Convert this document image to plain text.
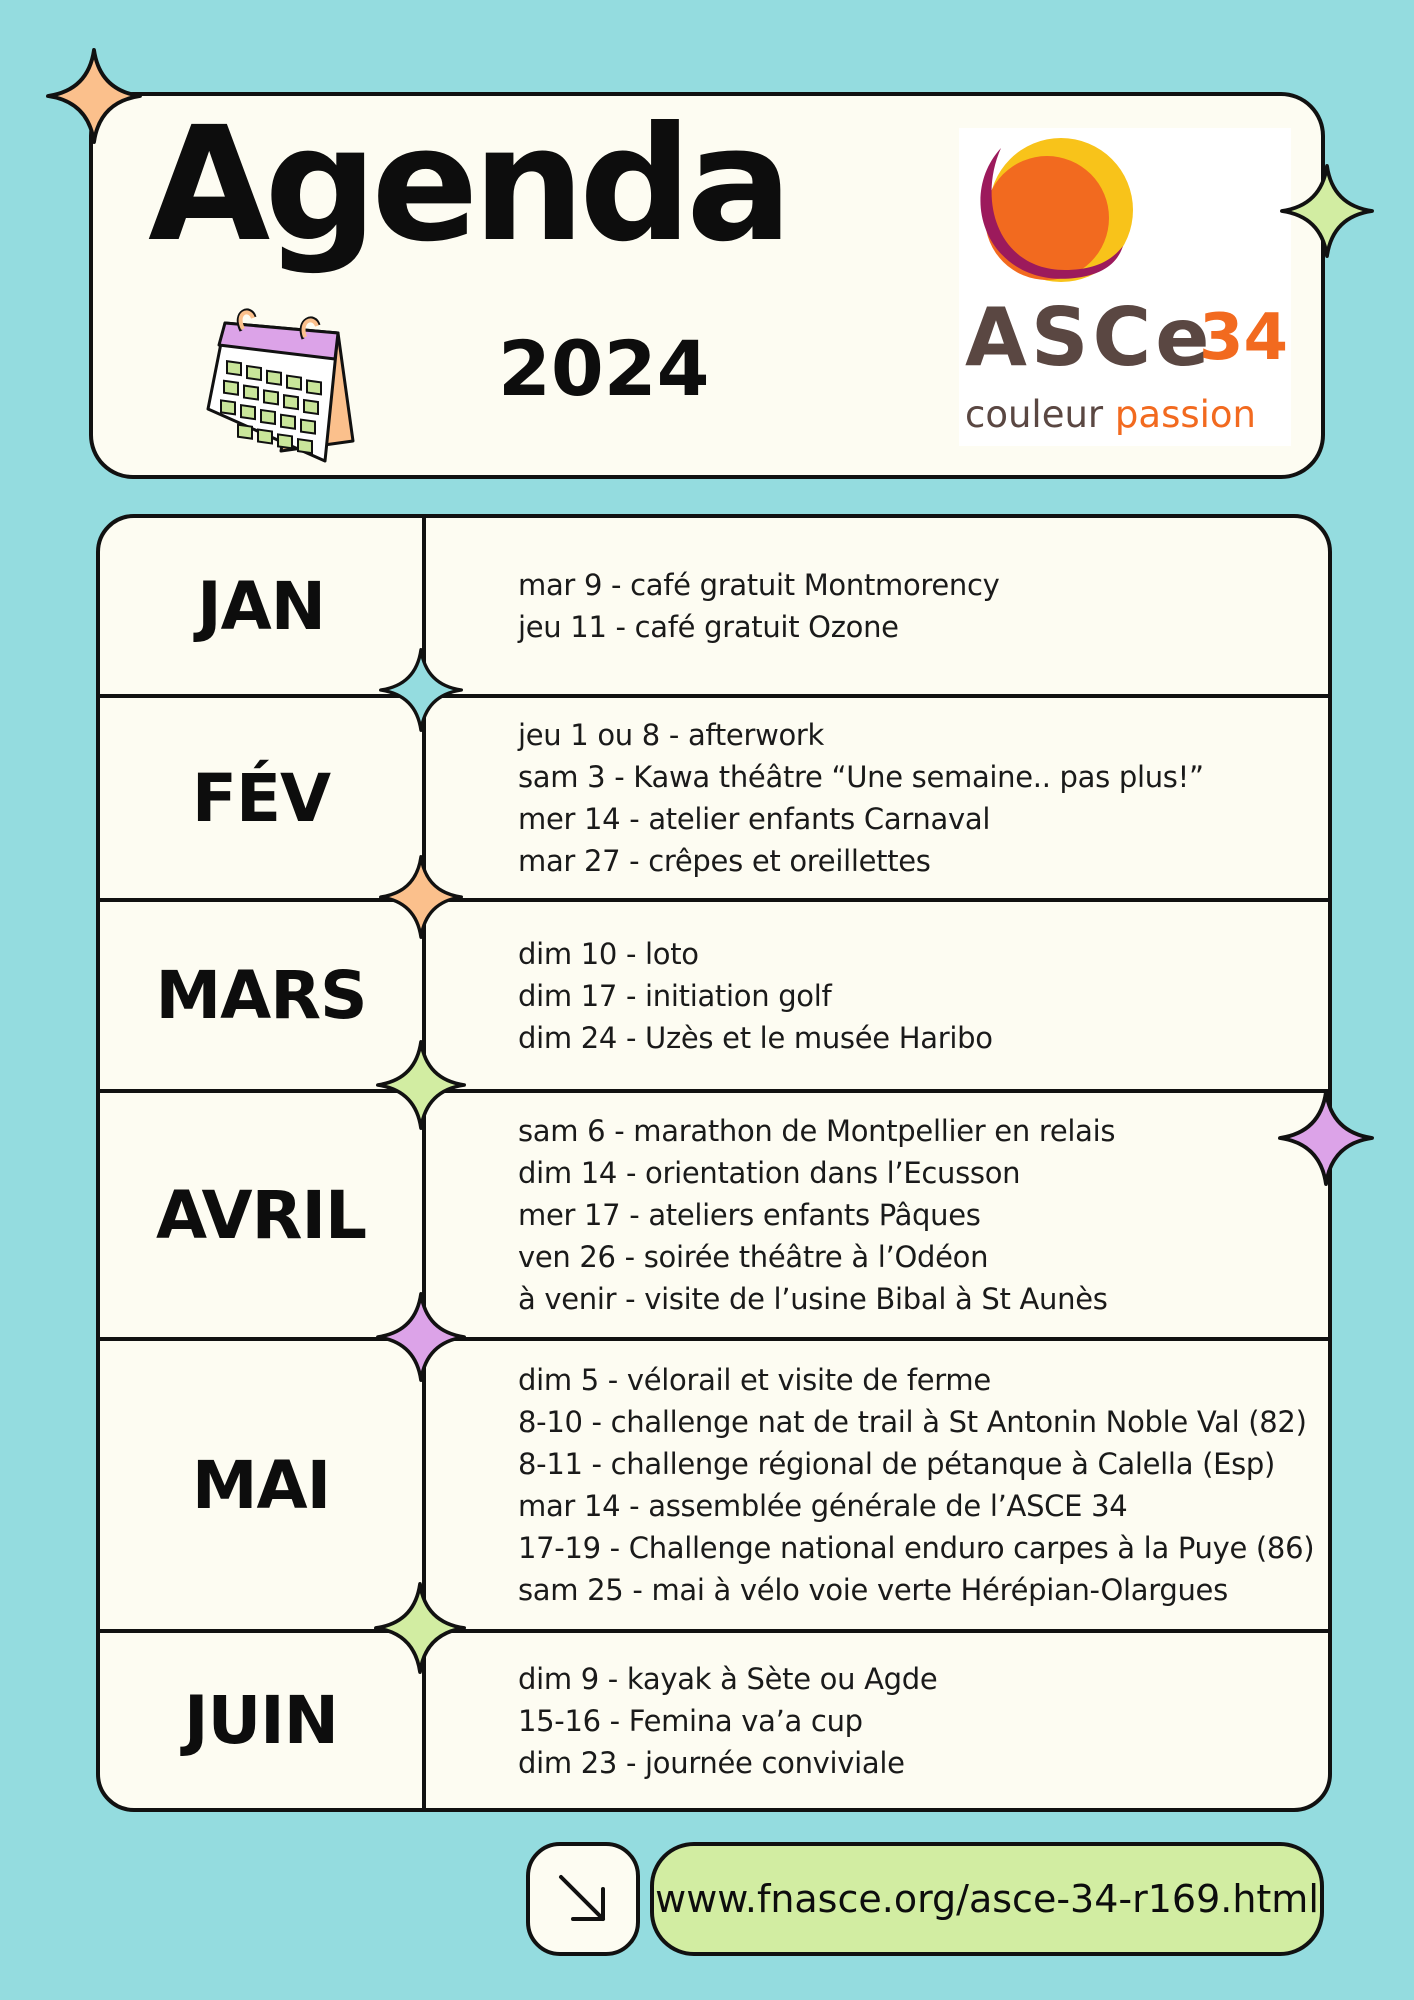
Agenda
2024	ASCe
34
couleur passion
JAN	mar 9 - café gratuit Montmorency
jeu 11 - café gratuit Ozone
FÉV
jeu 1 ou 8 - afterwork
sam 3 - Kawa théâtre “Une semaine.. pas plus!”
mer 14 - atelier enfants Carnaval
mar 27 - crêpes et oreillettes
MARS
dim 10 - loto
dim 17 - initiation golf
dim 24 - Uzès et le musée Haribo
AVRIL
sam 6 - marathon de Montpellier en relais
dim 14 - orientation dans l’Ecusson
mer 17 - ateliers enfants Pâques
ven 26 - soirée théâtre à l’Odéon
à venir - visite de l’usine Bibal à St Aunès
MAI
dim 5 - vélorail et visite de ferme
8-10 - challenge nat de trail à St Antonin Noble Val (82)
8-11 - challenge régional de pétanque à Calella (Esp)
mar 14 - assemblée générale de l’ASCE 34
17-19 - Challenge national enduro carpes à la Puye (86)
sam 25 - mai à vélo voie verte Hérépian-Olargues
JUIN
dim 9 - kayak à Sète ou Agde
15-16 - Femina va’a cup
dim 23 - journée conviviale
www.fnasce.org/asce-34-r169.html
